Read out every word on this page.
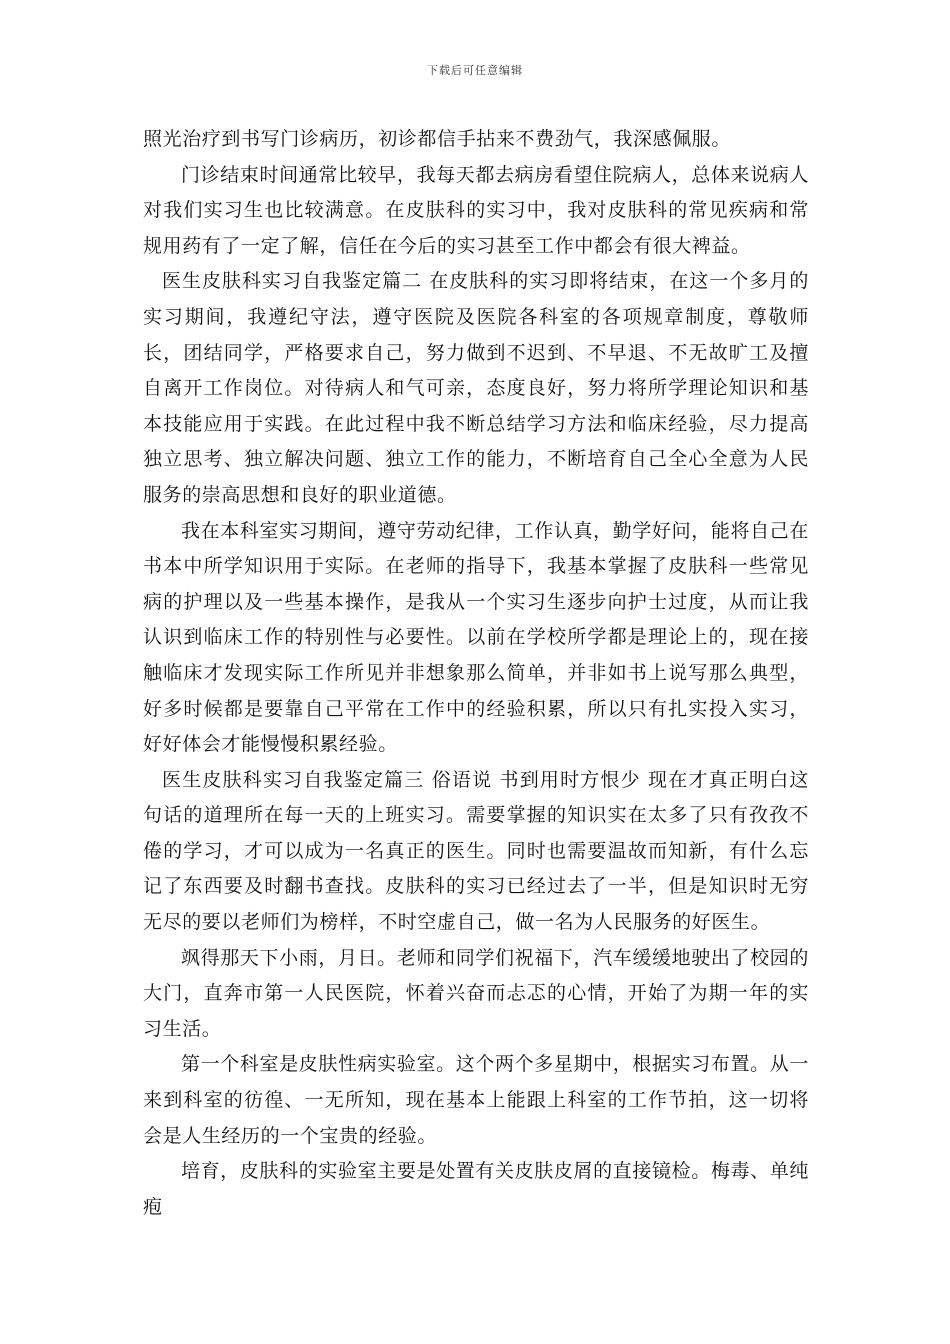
下载后可任意编辑

照光治疗到书写门诊病历，初诊都信手拈来不费劲气，我深感佩服。

门诊结束时间通常比较早，我每天都去病房看望住院病人，总体来说病人对我们实习生也比较满意。在皮肤科的实习中，我对皮肤科的常见疾病和常规用药有了一定了解，信任在今后的实习甚至工作中都会有很大裨益。

医生皮肤科实习自我鉴定篇二 在皮肤科的实习即将结束，在这一个多月的实习期间，我遵纪守法，遵守医院及医院各科室的各项规章制度，尊敬师长，团结同学，严格要求自己，努力做到不迟到、不早退、不无故旷工及擅自离开工作岗位。对待病人和气可亲，态度良好，努力将所学理论知识和基本技能应用于实践。在此过程中我不断总结学习方法和临床经验，尽力提高独立思考、独立解决问题、独立工作的能力，不断培育自己全心全意为人民服务的崇高思想和良好的职业道德。

我在本科室实习期间，遵守劳动纪律，工作认真，勤学好问，能将自己在书本中所学知识用于实际。在老师的指导下，我基本掌握了皮肤科一些常见病的护理以及一些基本操作，是我从一个实习生逐步向护士过度，从而让我认识到临床工作的特别性与必要性。以前在学校所学都是理论上的，现在接触临床才发现实际工作所见并非想象那么简单，并非如书上说写那么典型，好多时候都是要靠自己平常在工作中的经验积累，所以只有扎实投入实习，好好体会才能慢慢积累经验。

医生皮肤科实习自我鉴定篇三 俗语说 书到用时方恨少 现在才真正明白这句话的道理所在每一天的上班实习。需要掌握的知识实在太多了只有孜孜不倦的学习，才可以成为一名真正的医生。同时也需要温故而知新，有什么忘记了东西要及时翻书查找。皮肤科的实习已经过去了一半，但是知识时无穷无尽的要以老师们为榜样，不时空虚自己，做一名为人民服务的好医生。

飒得那天下小雨，月日。老师和同学们祝福下，汽车缓缓地驶出了校园的大门，直奔市第一人民医院，怀着兴奋而忐忑的心情，开始了为期一年的实习生活。

第一个科室是皮肤性病实验室。这个两个多星期中，根据实习布置。从一来到科室的彷徨、一无所知，现在基本上能跟上科室的工作节拍，这一切将会是人生经历的一个宝贵的经验。

培育，皮肤科的实验室主要是处置有关皮肤皮屑的直接镜检。梅毒、单纯疱
